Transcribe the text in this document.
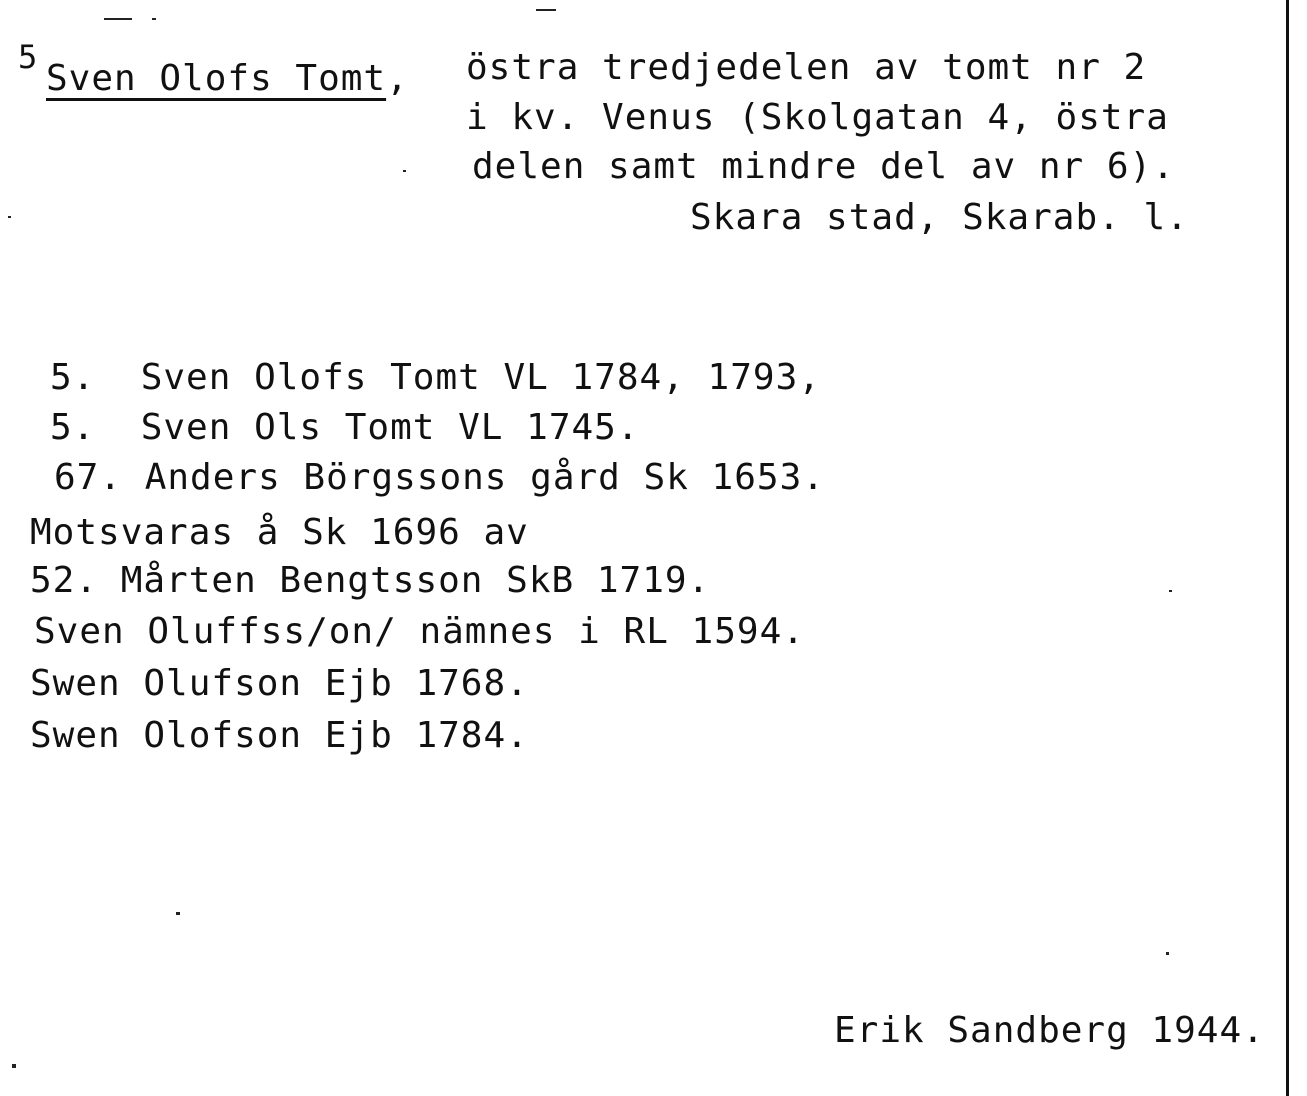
5
Sven Olofs Tomt, östra tredjedelen av tomt nr 2
i kv. Venus (Skolgatan 4, östra
delen samt mindre del av nr 6).
Skara stad, Skarab. l.
5.  Sven Olofs Tomt VL 1784, 1793,
5.  Sven Ols Tomt VL 1745.
67. Anders Börgssons gård Sk 1653.
Motsvaras å Sk 1696 av
52. Mårten Bengtsson SkB 1719.
Sven Oluffss/on/ nämnes i RL 1594.
Swen Olufson Ejb 1768.
Swen Olofson Ejb 1784.
Erik Sandberg 1944.
